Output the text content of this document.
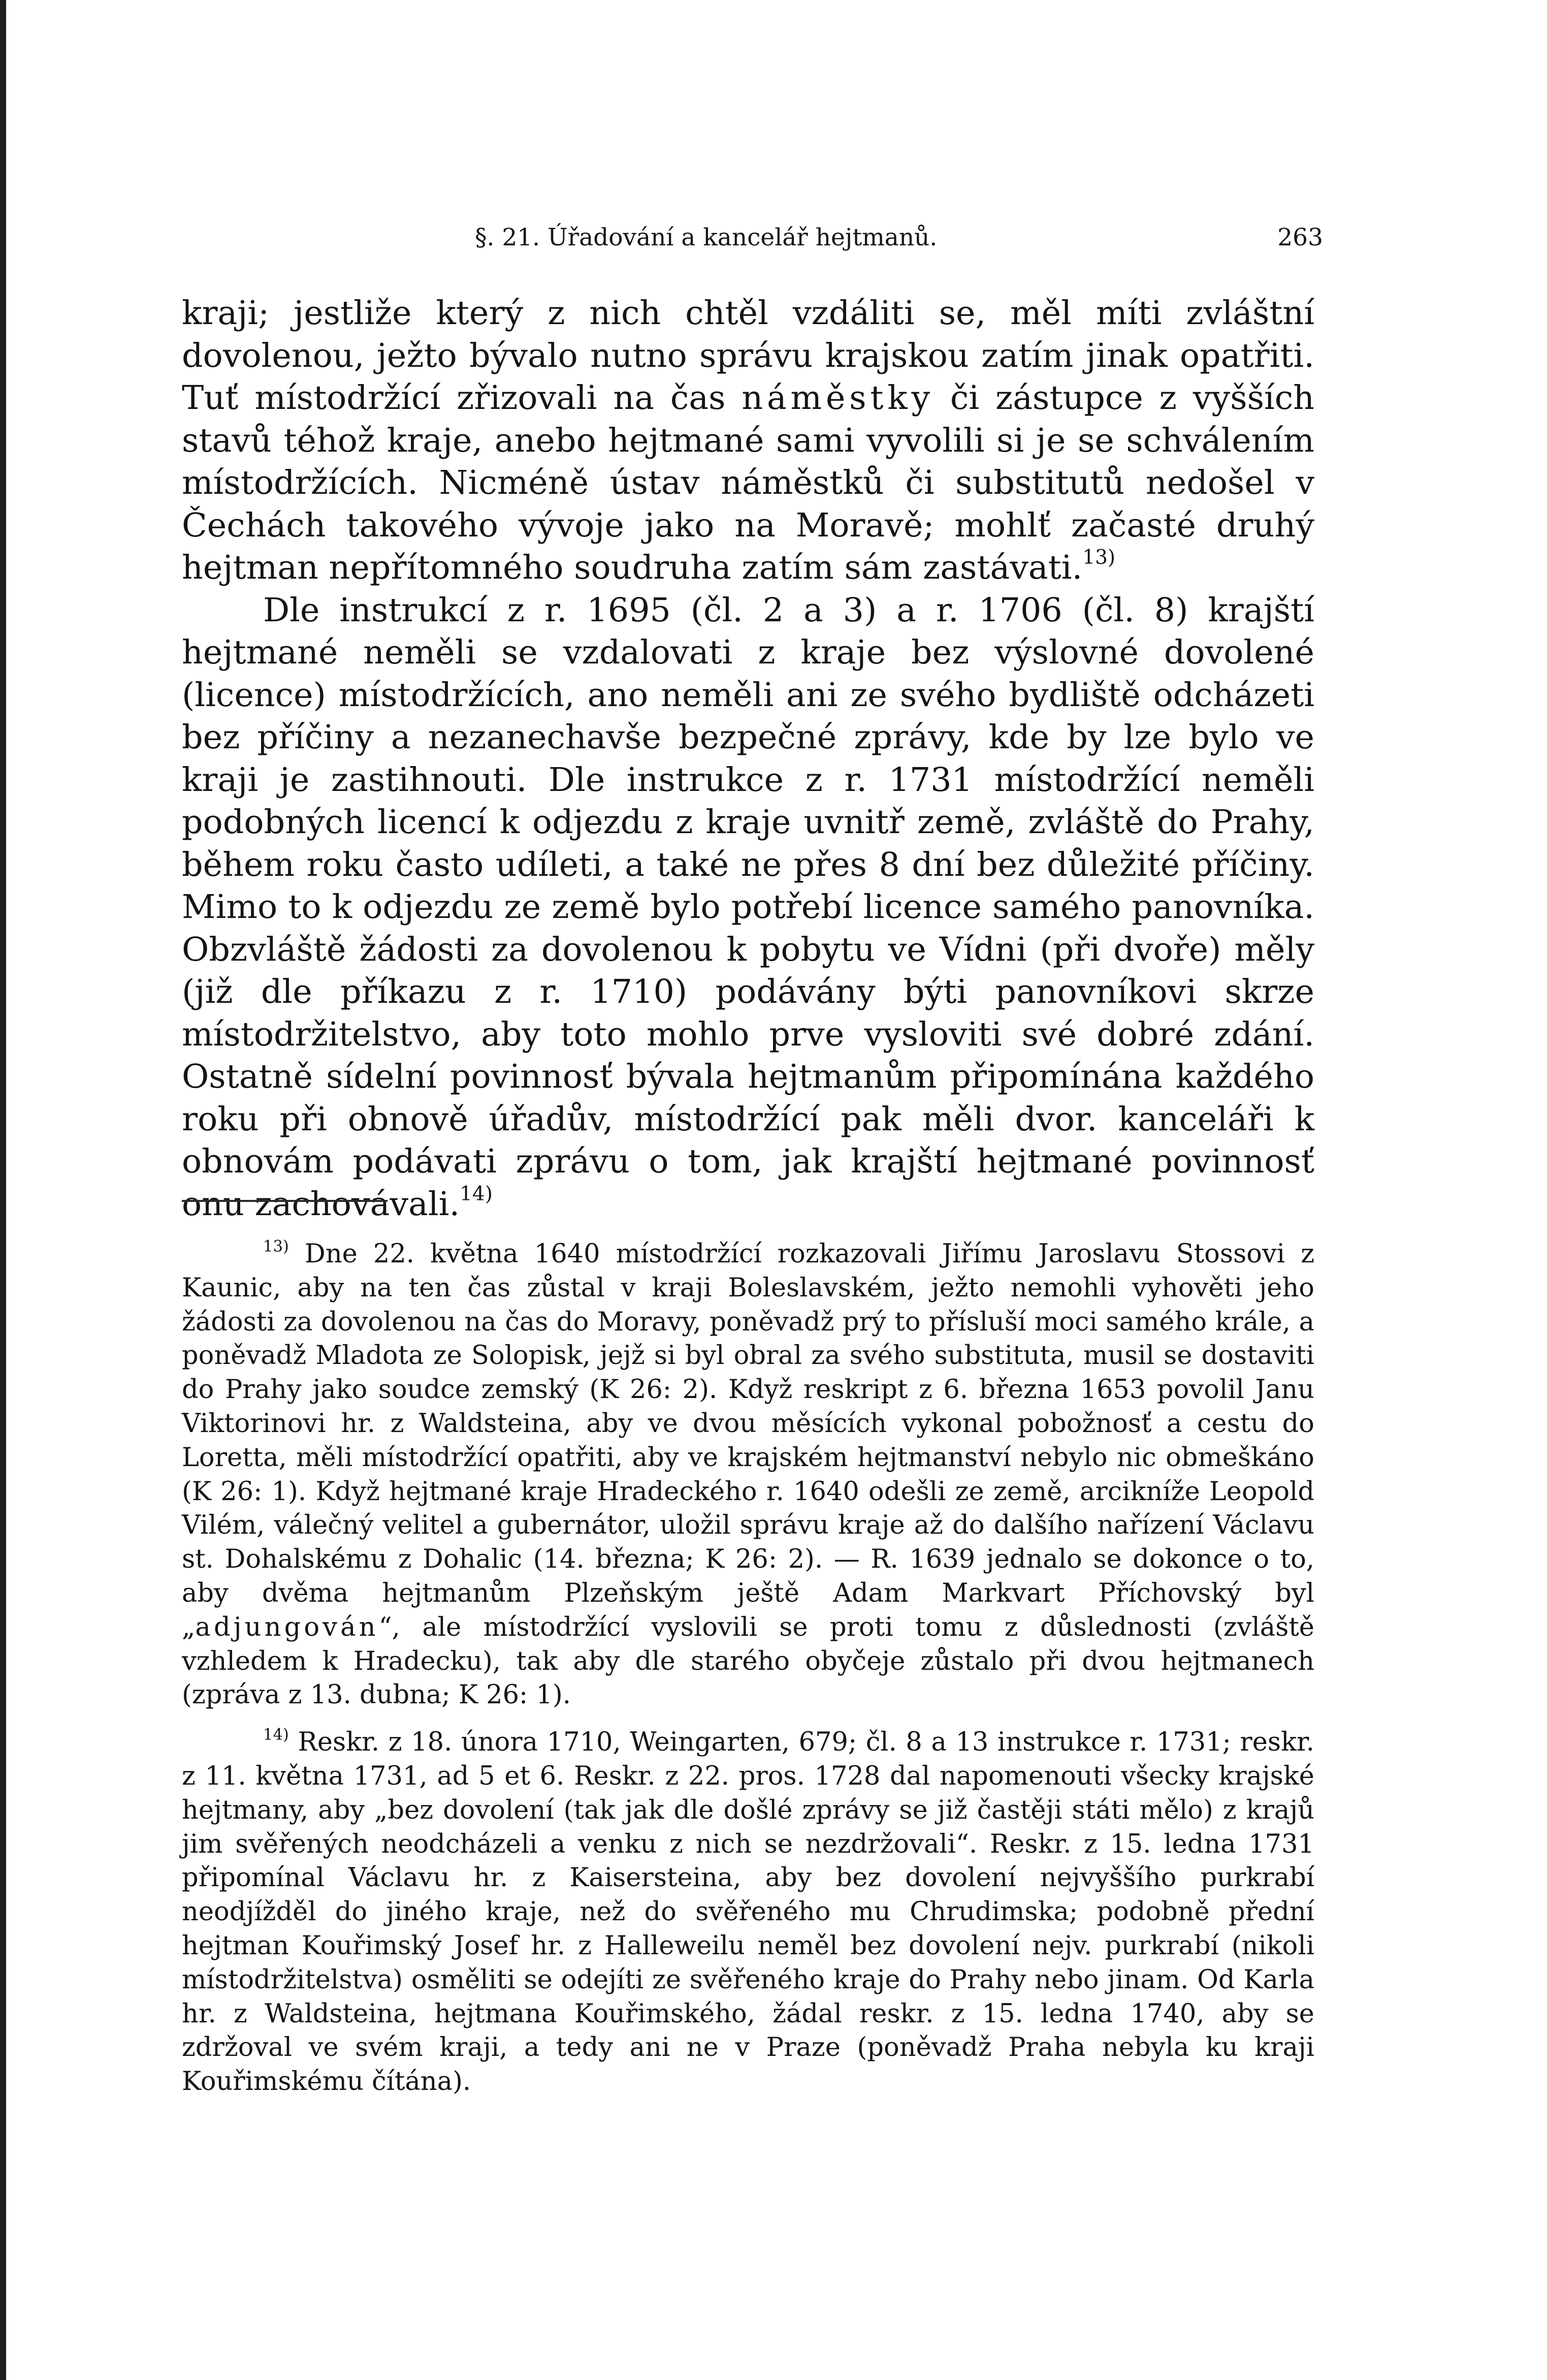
§. 21. Úřadování a kancelář hejtmanů.	263

kraji; jestliže který z nich chtěl vzdáliti se, měl míti zvláštní dovolenou, ježto bývalo nutno správu krajskou zatím jinak opatřiti. Tuť místodržící zřizovali na čas náměstky či zástupce z vyšších stavů téhož kraje, anebo hejtmané sami vyvolili si je se schválením místodržících. Nicméně ústav náměstků či substitutů nedošel v Čechách takového vývoje jako na Moravě; mohlť začasté druhý hejtman nepřítomného soudruha zatím sám zastávati.$^{13)}$

Dle instrukcí z r. 1695 (čl. 2 a 3) a r. 1706 (čl. 8) krajští hejtmané neměli se vzdalovati z kraje bez výslovné dovolené (licence) místodržících, ano neměli ani ze svého bydliště odcházeti bez příčiny a nezanechavše bezpečné zprávy, kde by lze bylo ve kraji je zastihnouti. Dle instrukce z r. 1731 místodržící neměli podobných licencí k odjezdu z kraje uvnitř země, zvláště do Prahy, během roku často udíleti, a také ne přes 8 dní bez důležité příčiny. Mimo to k odjezdu ze země bylo potřebí licence samého panovníka. Obzvláště žádosti za dovolenou k pobytu ve Vídni (při dvoře) měly (již dle příkazu z r. 1710) podávány býti panovníkovi skrze místodržitelstvo, aby toto mohlo prve vysloviti své dobré zdání. Ostatně sídelní povinnosť bývala hejtmanům připomínána každého roku při obnově úřadův, místodržící pak měli dvor. kanceláři k obnovám podávati zprávu o tom, jak krajští hejtmané povinnosť onu zachovávali.$^{14)}$

$^{13)}$ Dne 22. května 1640 místodržící rozkazovali Jiřímu Jaroslavu Stossovi z Kaunic, aby na ten čas zůstal v kraji Boleslavském, ježto nemohli vyhověti jeho žádosti za dovolenou na čas do Moravy, poněvadž prý to přísluší moci samého krále, a poněvadž Mladota ze Solopisk, jejž si byl obral za svého substituta, musil se dostaviti do Prahy jako soudce zemský (K 26: 2). Když reskript z 6. března 1653 povolil Janu Viktorinovi hr. z Waldsteina, aby ve dvou měsících vykonal pobožnosť a cestu do Loretta, měli místodržící opatřiti, aby ve krajském hejtmanství nebylo nic obmeškáno (K 26: 1). Když hejtmané kraje Hradeckého r. 1640 odešli ze země, arcikníže Leopold Vilém, válečný velitel a gubernátor, uložil správu kraje až do dalšího nařízení Václavu st. Dohalskému z Dohalic (14. března; K 26: 2). — R. 1639 jednalo se dokonce o to, aby dvěma hejtmanům Plzeňským ještě Adam Markvart Příchovský byl „adjungován“, ale místodržící vyslovili se proti tomu z důslednosti (zvláště vzhledem k Hradecku), tak aby dle starého obyčeje zůstalo při dvou hejtmanech (zpráva z 13. dubna; K 26: 1).

$^{14)}$ Reskr. z 18. února 1710, Weingarten, 679; čl. 8 a 13 instrukce r. 1731; reskr. z 11. května 1731, ad 5 et 6. Reskr. z 22. pros. 1728 dal napomenouti všecky krajské hejtmany, aby „bez dovolení (tak jak dle došlé zprávy se již častěji státi mělo) z krajů jim svěřených neodcházeli a venku z nich se nezdržovali“. Reskr. z 15. ledna 1731 připomínal Václavu hr. z Kaisersteina, aby bez dovolení nejvyššího purkrabí neodjížděl do jiného kraje, než do svěřeného mu Chrudimska; podobně přední hejtman Kouřimský Josef hr. z Halleweilu neměl bez dovolení nejv. purkrabí (nikoli místodržitelstva) osměliti se odejíti ze svěřeného kraje do Prahy nebo jinam. Od Karla hr. z Waldsteina, hejtmana Kouřimského, žádal reskr. z 15. ledna 1740, aby se zdržoval ve svém kraji, a tedy ani ne v Praze (poněvadž Praha nebyla ku kraji Kouřimskému čítána).
